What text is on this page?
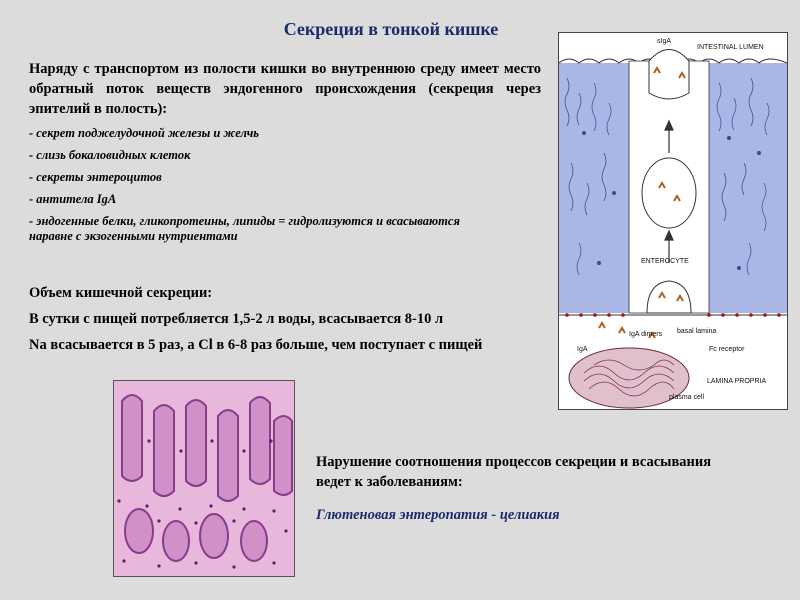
Секреция в тонкой кишке
Наряду с транспортом из полости кишки во внутреннюю среду имеет место обратный поток веществ эндогенного происхождения (секреция через эпителий в полость):
- секрет поджелудочной железы и желчь
- слизь бокаловидных клеток
- секреты энтероцитов
- антитела IgA
- эндогенные белки, гликопротеины, липиды = гидролизуются и всасываются наравне с экзогенными нутриентами
Объем кишечной секреции:
В сутки с пищей потребляется 1,5-2 л воды, всасывается 8-10 л
Na всасывается в 5 раз, а Cl в 6-8 раз больше, чем поступает с пищей
sIgA
INTESTINAL LUMEN
ENTEROCYTE
IgA dimers
IgA
basal lamina
Fc receptor
LAMINA PROPRIA
plasma cell
Нарушение соотношения процессов секреции и всасывания ведет к заболеваниям:
Глютеновая энтеропатия - целиакия
